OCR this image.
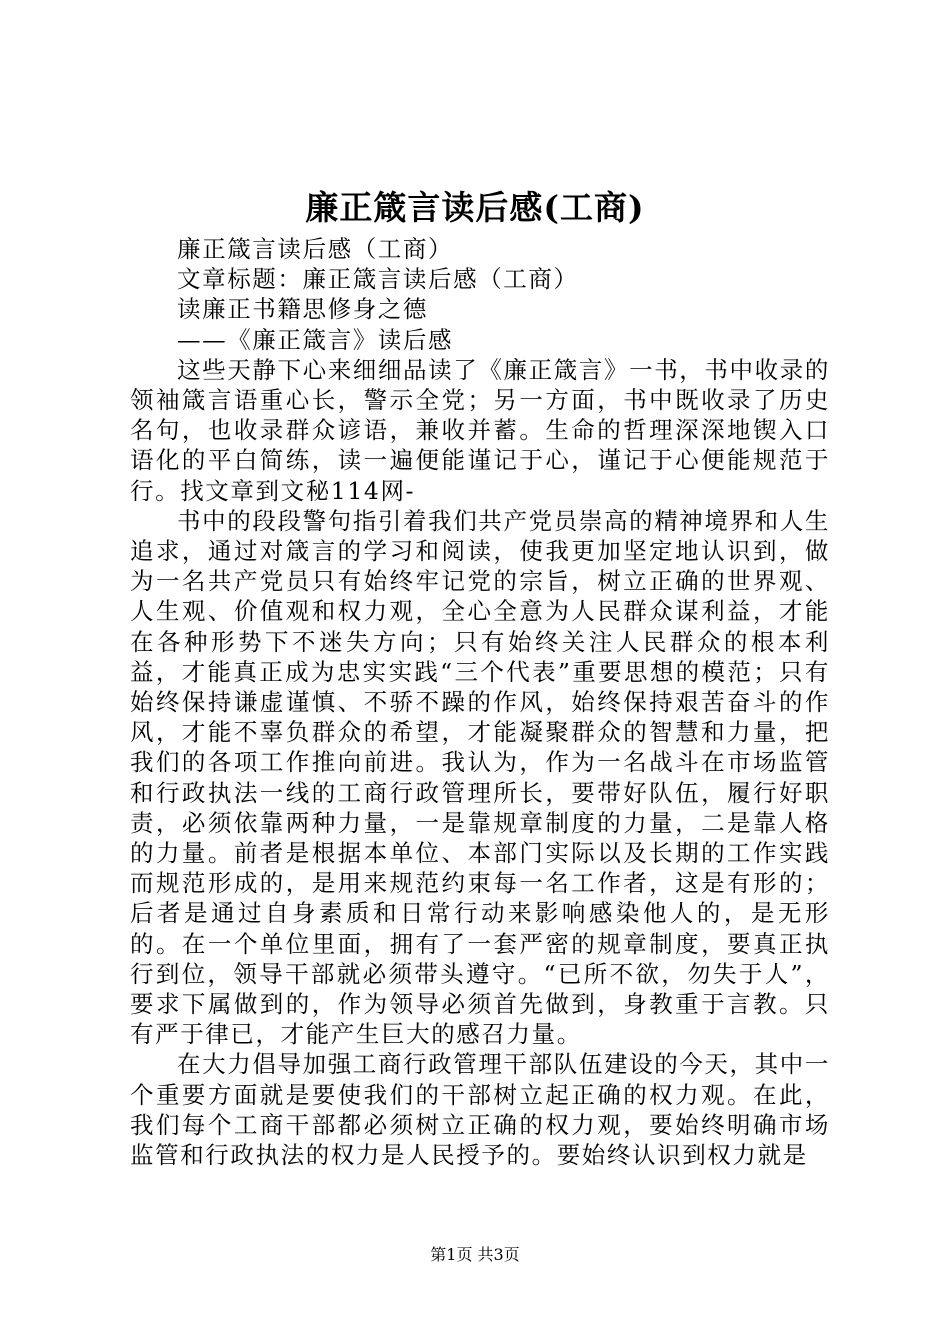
廉正箴言读后感(工商)

廉正箴言读后感（工商）

文章标题：廉正箴言读后感（工商）

读廉正书籍思修身之德

——《廉正箴言》读后感

这些天静下心来细细品读了《廉正箴言》一书，书中收录的领袖箴言语重心长，警示全党；另一方面，书中既收录了历史名句，也收录群众谚语，兼收并蓄。生命的哲理深深地锲入口语化的平白简练，读一遍便能谨记于心，谨记于心便能规范于行。找文章到文秘114网-

书中的段段警句指引着我们共产党员崇高的精神境界和人生追求，通过对箴言的学习和阅读，使我更加坚定地认识到，做为一名共产党员只有始终牢记党的宗旨，树立正确的世界观、人生观、价值观和权力观，全心全意为人民群众谋利益，才能在各种形势下不迷失方向；只有始终关注人民群众的根本利益，才能真正成为忠实实践“三个代表”重要思想的模范；只有始终保持谦虚谨慎、不骄不躁的作风，始终保持艰苦奋斗的作风，才能不辜负群众的希望，才能凝聚群众的智慧和力量，把我们的各项工作推向前进。我认为，作为一名战斗在市场监管和行政执法一线的工商行政管理所长，要带好队伍，履行好职责，必须依靠两种力量，一是靠规章制度的力量，二是靠人格的力量。前者是根据本单位、本部门实际以及长期的工作实践而规范形成的，是用来规范约束每一名工作者，这是有形的；后者是通过自身素质和日常行动来影响感染他人的，是无形的。在一个单位里面，拥有了一套严密的规章制度，要真正执行到位，领导干部就必须带头遵守。“已所不欲，勿失于人”，要求下属做到的，作为领导必须首先做到，身教重于言教。只有严于律已，才能产生巨大的感召力量。

在大力倡导加强工商行政管理干部队伍建设的今天，其中一个重要方面就是要使我们的干部树立起正确的权力观。在此，我们每个工商干部都必须树立正确的权力观，要始终明确市场监管和行政执法的权力是人民授予的。要始终认识到权力就是

第1页 共3页
